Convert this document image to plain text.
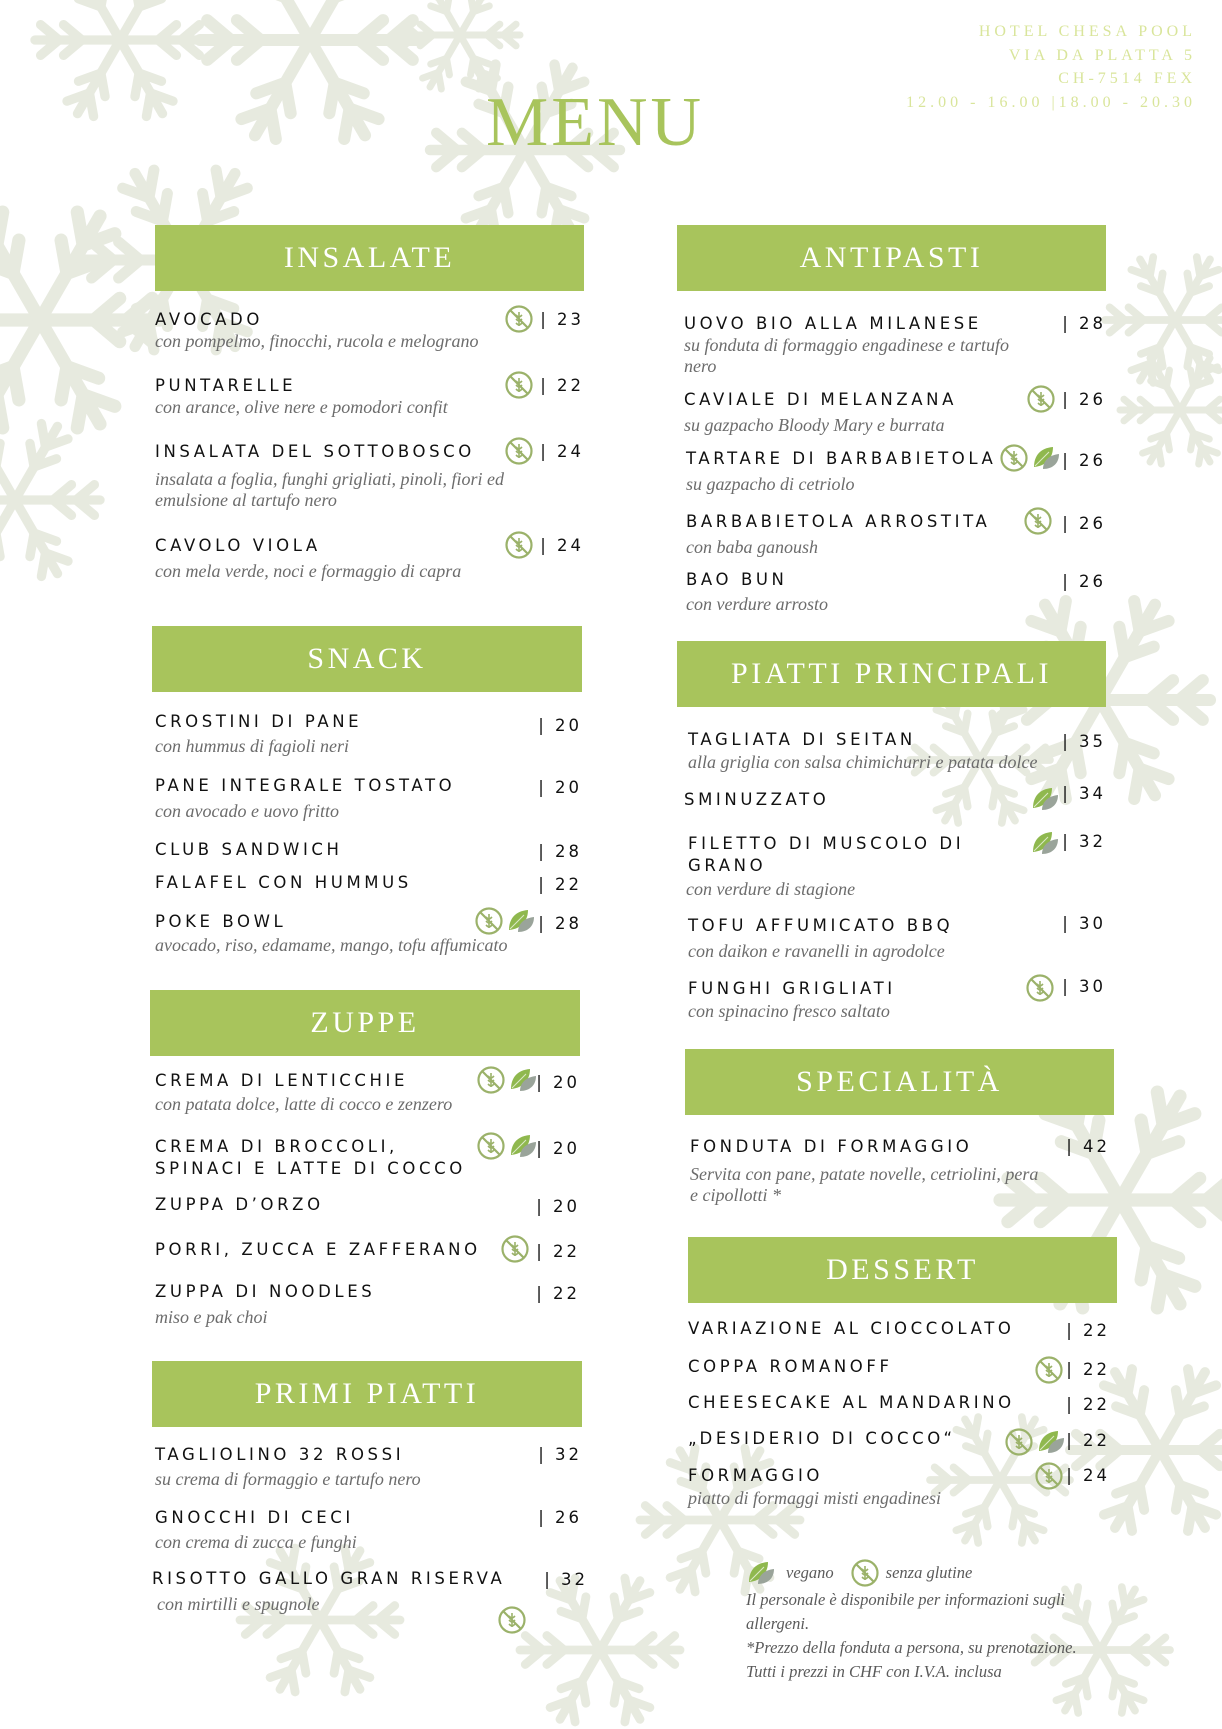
HOTEL CHESA POOL
VIA DA PLATTA 5
CH-7514 FEX
12.00 - 16.00 |18.00 - 20.30
MENU
INSALATE
AVOCADO	| 23
con pompelmo, finocchi, rucola e melograno
PUNTARELLE	| 22
con arance, olive nere e pomodori confit
INSALATA DEL SOTTOBOSCO	| 24
insalata a foglia, funghi grigliati, pinoli, fiori ed emulsione al tartufo nero
CAVOLO VIOLA	| 24
con mela verde, noci e formaggio di capra
SNACK
CROSTINI DI PANE	| 20
con hummus di fagioli neri
PANE INTEGRALE TOSTATO	| 20
con avocado e uovo fritto
CLUB SANDWICH	| 28
FALAFEL CON HUMMUS	| 22
POKE BOWL	| 28
avocado, riso, edamame, mango, tofu affumicato
ZUPPE
CREMA DI LENTICCHIE	| 20
con patata dolce, latte di cocco e zenzero
CREMA DI BROCCOLI, SPINACI E LATTE DI COCCO
| 20
ZUPPA D’ORZO	| 20
PORRI, ZUCCA E ZAFFERANO	| 22
ZUPPA DI NOODLES	| 22
miso e pak choi
PRIMI PIATTI
TAGLIOLINO 32 ROSSI	| 32
su crema di formaggio e tartufo nero
GNOCCHI DI CECI	| 26
con crema di zucca e funghi
RISOTTO GALLO GRAN RISERVA | 32
con mirtilli e spugnole
ANTIPASTI
UOVO BIO ALLA MILANESE	| 28
su fonduta di formaggio engadinese e tartufo nero
CAVIALE DI MELANZANA	| 26
su gazpacho Bloody Mary e burrata
TARTARE DI BARBABIETOLA	| 26
su gazpacho di cetriolo
BARBABIETOLA ARROSTITA	| 26
con baba ganoush
BAO BUN	| 26
con verdure arrosto
PIATTI PRINCIPALI
TAGLIATA DI SEITAN	| 35
alla griglia con salsa chimichurri e patata dolce
SMINUZZATO	| 34
FILETTO DI MUSCOLO DI GRANO
| 32
con verdure di stagione
TOFU AFFUMICATO BBQ	| 30
con daikon e ravanelli in agrodolce
FUNGHI GRIGLIATI	| 30
con spinacino fresco saltato
SPECIALITÀ
FONDUTA DI FORMAGGIO	| 42
Servita con pane, patate novelle, cetriolini, pera e cipollotti *
DESSERT
VARIAZIONE AL CIOCCOLATO	| 22
COPPA ROMANOFF	| 22
CHEESECAKE AL MANDARINO	| 22
„DESIDERIO DI COCCO“	| 22
FORMAGGIO	| 24
piatto di formaggi misti engadinesi
vegano	senza glutine
Il personale è disponibile per informazioni sugli allergeni.
*Prezzo della fonduta a persona, su prenotazione.
Tutti i prezzi in CHF con I.V.A. inclusa
